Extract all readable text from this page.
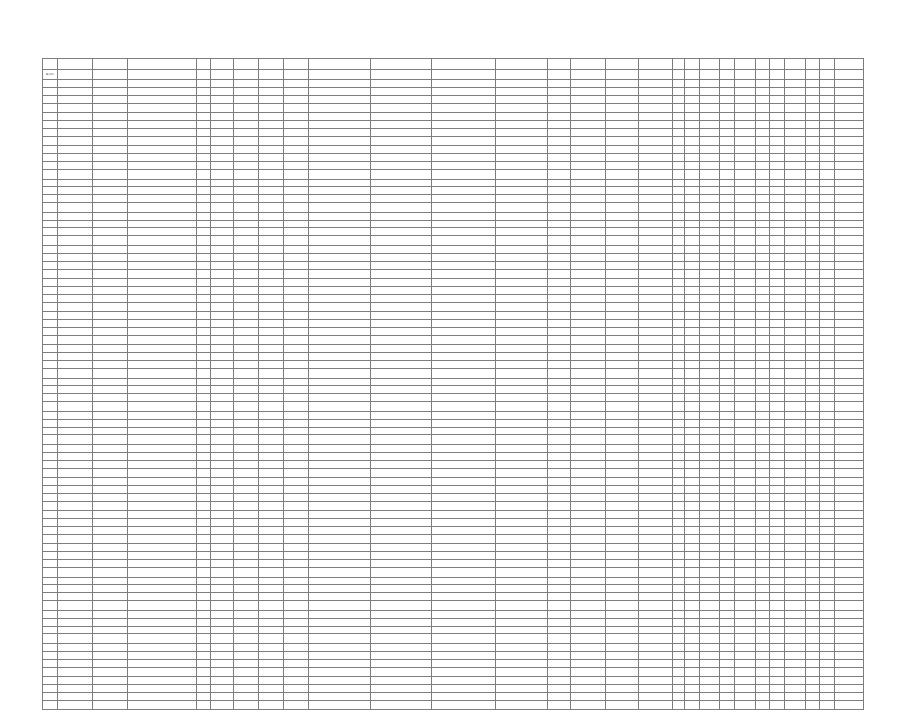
№ п/п																											
